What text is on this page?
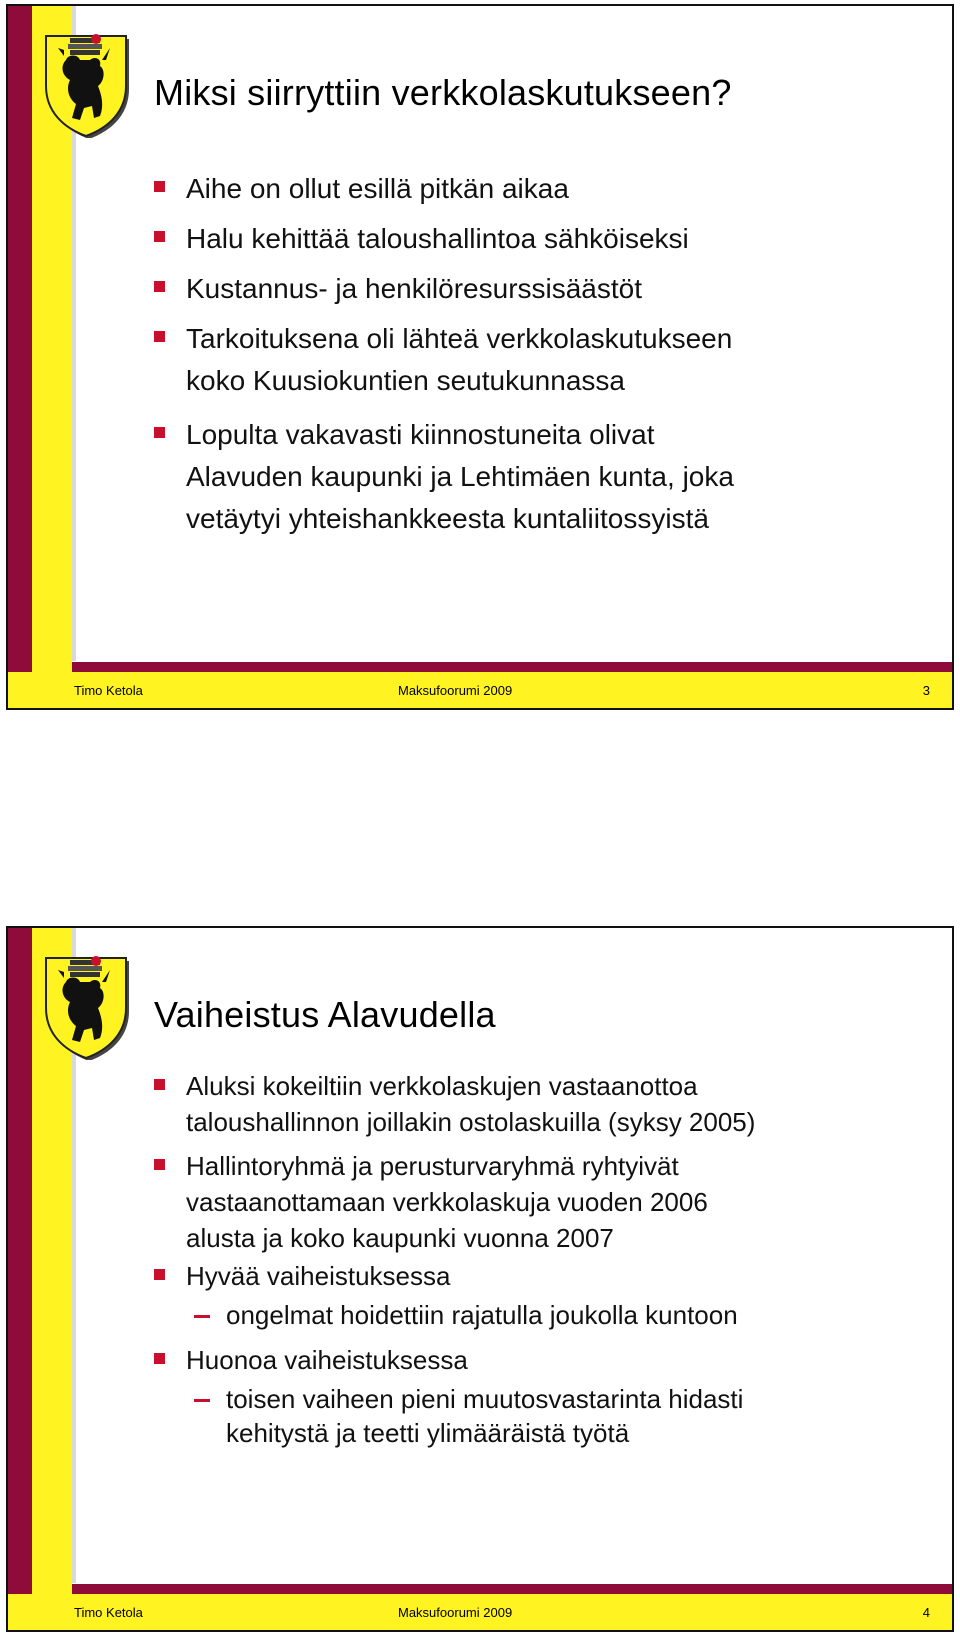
Miksi siirryttiin verkkolaskutukseen?
Aihe on ollut esillä pitkän aikaa
Halu kehittää taloushallintoa sähköiseksi
Kustannus- ja henkilöresurssisäästöt
Tarkoituksena oli lähteä verkkolaskutukseen
koko Kuusiokuntien seutukunnassa
Lopulta vakavasti kiinnostuneita olivat
Alavuden kaupunki ja Lehtimäen kunta, joka
vetäytyi yhteishankkeesta kuntaliitossyistä
Timo Ketola	Maksufoorumi 2009	3
Vaiheistus Alavudella
Aluksi kokeiltiin verkkolaskujen vastaanottoa
taloushallinnon joillakin ostolaskuilla (syksy 2005)
Hallintoryhmä ja perusturvaryhmä ryhtyivät
vastaanottamaan verkkolaskuja vuoden 2006
alusta ja koko kaupunki vuonna 2007
Hyvää vaiheistuksessa
ongelmat hoidettiin rajatulla joukolla kuntoon
Huonoa vaiheistuksessa
toisen vaiheen pieni muutosvastarinta hidasti
kehitystä ja teetti ylimääräistä työtä
Timo Ketola	Maksufoorumi 2009	4
